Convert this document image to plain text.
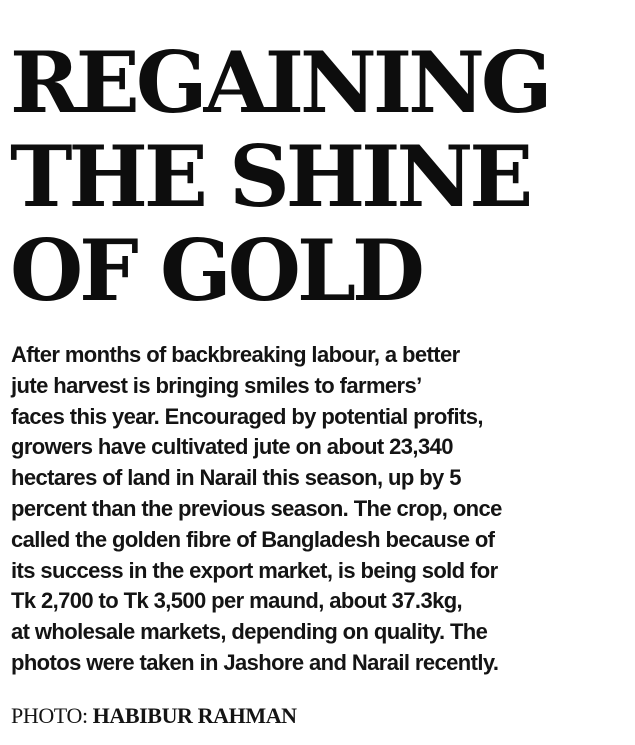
REGAINING
THE SHINE
OF GOLD

After months of backbreaking labour, a better
jute harvest is bringing smiles to farmers’
faces this year. Encouraged by potential profits,
growers have cultivated jute on about 23,340
hectares of land in Narail this season, up by 5
percent than the previous season. The crop, once
called the golden fibre of Bangladesh because of
its success in the export market, is being sold for
Tk 2,700 to Tk 3,500 per maund, about 37.3kg,
at wholesale markets, depending on quality. The
photos were taken in Jashore and Narail recently.

PHOTO: HABIBUR RAHMAN
